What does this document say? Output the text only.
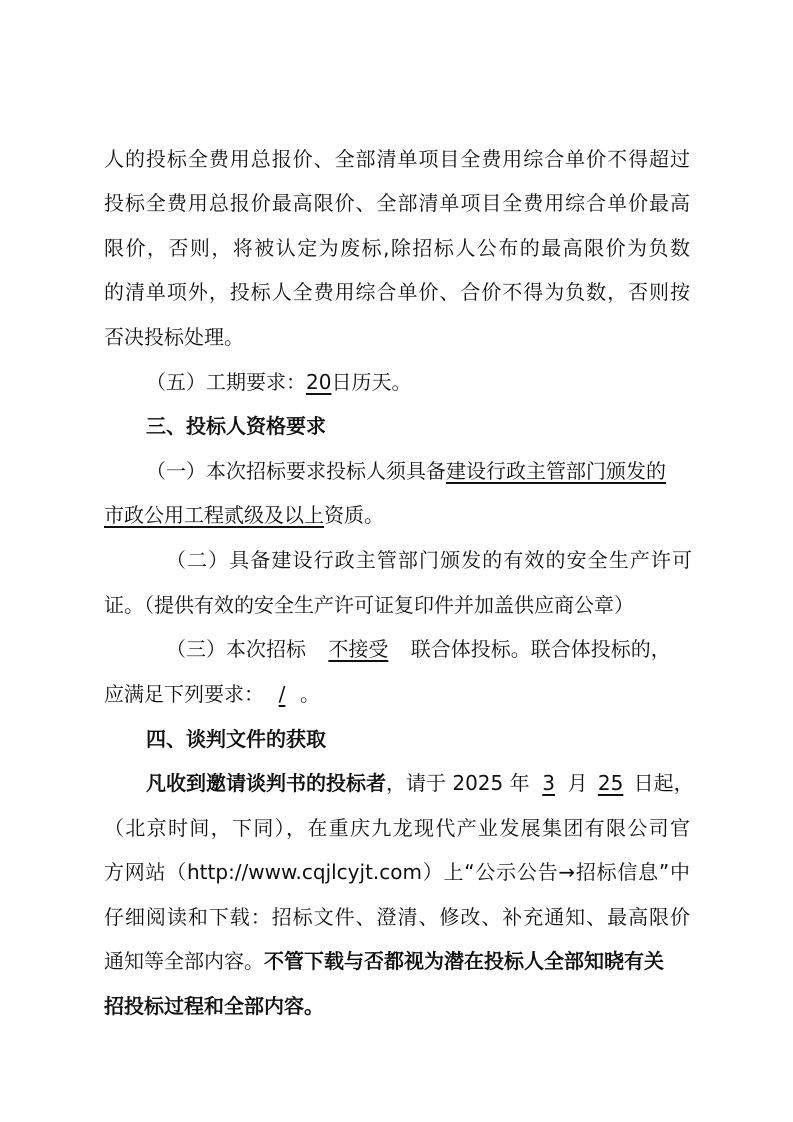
人的投标全费用总报价、全部清单项目全费用综合单价不得超过
投标全费用总报价最高限价、全部清单项目全费用综合单价最高
限价，否则，将被认定为废标,除招标人公布的最高限价为负数
的清单项外，投标人全费用综合单价、合价不得为负数，否则按
否决投标处理。
（五）工期要求：20日历天。
三、投标人资格要求
（一）本次招标要求投标人须具备建设行政主管部门颁发的
市政公用工程贰级及以上资质。
（二）具备建设行政主管部门颁发的有效的安全生产许可
证。（提供有效的安全生产许可证复印件并加盖供应商公章）
（三）本次招标 不接受 联合体投标。联合体投标的，
应满足下列要求： / 。
四、谈判文件的获取
凡收到邀请谈判书的投标者，请于 2025 年 3 月 25 日起，
（北京时间，下同），在重庆九龙现代产业发展集团有限公司官
方网站（http://www.cqjlcyjt.com）上“公示公告→招标信息”中
仔细阅读和下载：招标文件、澄清、修改、补充通知、最高限价
通知等全部内容。不管下载与否都视为潜在投标人全部知晓有关
招投标过程和全部内容。
